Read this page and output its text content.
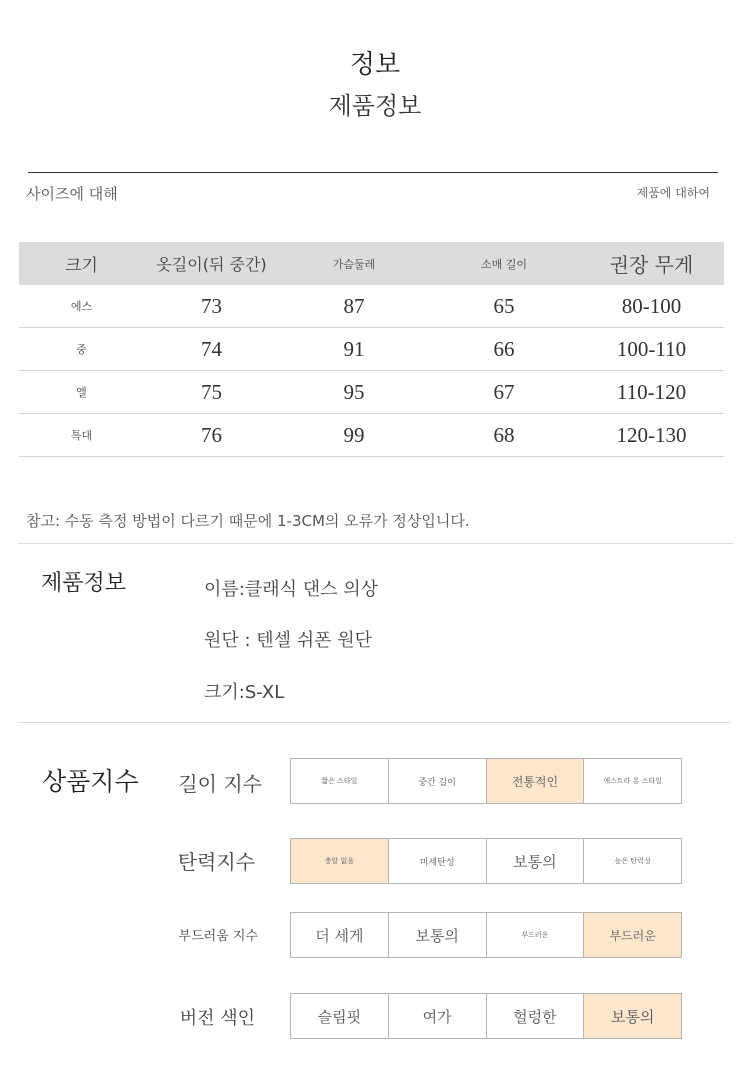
정보
제품정보
사이즈에 대해	제품에 대하여
크기	옷길이(뒤 중간)	가슴둘레	소매 길이	권장 무게
에스	73	87	65	80-100
중	74	91	66	100-110
엘	75	95	67	110-120
특대	76	99	68	120-130
참고: 수동 측정 방법이 다르기 때문에 1-3CM의 오류가 정상입니다.
제품정보	이름:클래식 댄스 의상
원단 : 텐셀 쉬폰 원단
크기:S-XL
상품지수	길이 지수	짧은 스타일	중간 길이	전통적인	에스트라 롱 스타일
탄력지수	충알 없음	미세탄성	보통의	높은 탄력성
부드러움 지수	더 세게	보통의	부드러운	부드러운
버전 색인	슬림핏	여가	헐렁한	보통의
